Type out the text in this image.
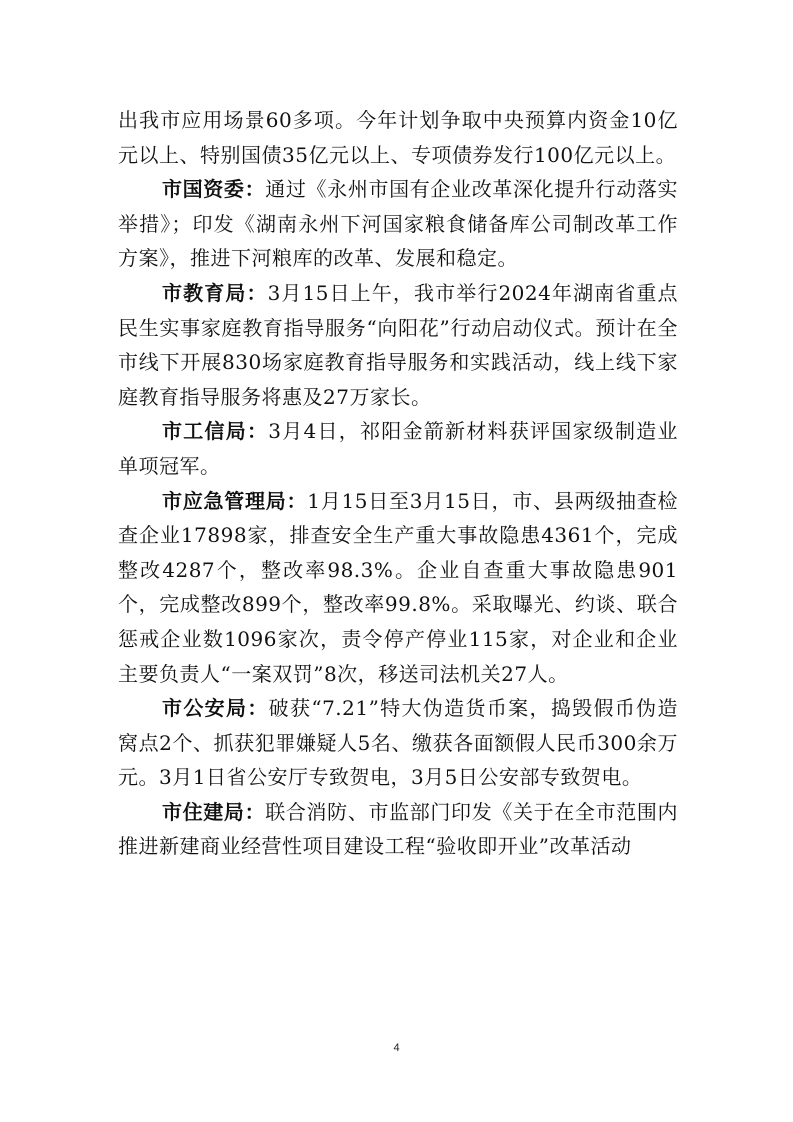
出我市应用场景60多项。今年计划争取中央预算内资金10亿元以上、特别国债35亿元以上、专项债券发行100亿元以上。

市国资委：通过《永州市国有企业改革深化提升行动落实举措》；印发《湖南永州下河国家粮食储备库公司制改革工作方案》，推进下河粮库的改革、发展和稳定。

市教育局：3月15日上午，我市举行2024年湖南省重点民生实事家庭教育指导服务“向阳花”行动启动仪式。预计在全市线下开展830场家庭教育指导服务和实践活动，线上线下家庭教育指导服务将惠及27万家长。

市工信局：3月4日，祁阳金箭新材料获评国家级制造业单项冠军。

市应急管理局：1月15日至3月15日，市、县两级抽查检查企业17898家，排查安全生产重大事故隐患4361个，完成整改4287个，整改率98.3%。企业自查重大事故隐患901个，完成整改899个，整改率99.8%。采取曝光、约谈、联合惩戒企业数1096家次，责令停产停业115家，对企业和企业主要负责人“一案双罚”8次，移送司法机关27人。

市公安局：破获“7.21”特大伪造货币案，捣毁假币伪造窝点2个、抓获犯罪嫌疑人5名、缴获各面额假人民币300余万元。3月1日省公安厅专致贺电，3月5日公安部专致贺电。

市住建局：联合消防、市监部门印发《关于在全市范围内推进新建商业经营性项目建设工程“验收即开业”改革活动

4
